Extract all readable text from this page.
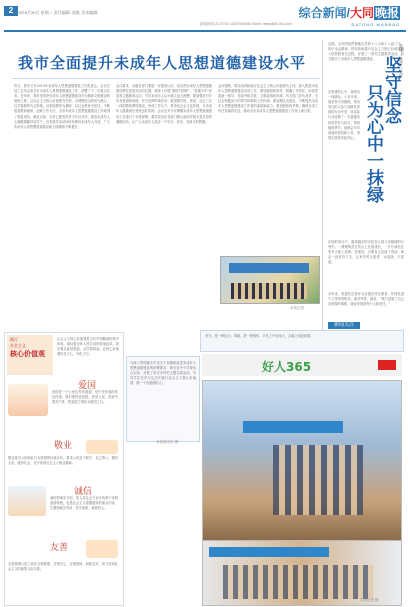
2
2015年6月30日 星期二 责任编辑: 邵维 美术编辑:	综合新闻/大同晚报
DATONG WANBAO
新闻热线:2127743 13007090066 Email: news@dt.163.com
我市全面提升未成年人思想道德建设水平
昨日，我市召开2015年未成年人思想道德建设工作推进会。会议总结了去年以来全市未成年人思想道德建设工作，部署了下一步重点任务。近年来，我市坚持把未成年人思想道德建设作为精神文明建设的基础工程，以社会主义核心价值观为引领，以理想信念教育为核心，以学校教育为主阵地，以家庭教育为基础，以社会教育为依托，不断拓展教育载体，创新工作方法，全市未成年人思想道德建设工作取得了明显成效。截至目前，全市已建成乡村少年宫多所，建成未成年人心理健康辅导站多个，各类校外活动场所免费向未成年人开放，广大未成年人的思想道德素质和文明素养不断提升。
会议要求，各级各部门要进一步提高认识，切实把未成年人思想道德建设摆在更加突出的位置。要深入开展“我的中国梦”、“美德少年”评选等主题教育活动，引导未成年人从小树立远大理想；要加强乡村少年宫建设和管理，充分发挥阵地作用；要加强学校、家庭、社会三位一体的教育网络建设，形成工作合力；要净化社会文化环境，为未成年人健康成长营造良好氛围。会议还对今年暑期未成年人思想道德建设工作进行了安排部署，要求各县区各部门精心组织开展丰富多彩的暑期活动，让广大未成年人度过一个安全、快乐、有意义的假期。
会议强调，要以培育和践行社会主义核心价值观为主线，深入推进未成年人思想道德建设各项工作。要加强组织领导，明确工作责任，形成党委统一领导、党政齐抓共管、文明委组织协调、有关部门各负其责、全社会积极参与的领导体制和工作机制；要加强队伍建设，不断提高未成年人思想道德建设工作者的素质和能力；要加强督查考核，确保各项工作任务落到实处，推动全市未成年人思想道德建设工作再上新台阶。
本报记者
近期，全市围绕贯彻落实党的十八大和十八届三中、四中全会精神，把培育和践行社会主义核心价值观融入国民教育全过程，开展了一系列主题教育活动，有力推动了未成年人思想道德建设。 坚守信念
只为心中一抹绿
张建/张奇/张宇
在张建的心中，始终有一抹绿色。十多年来，他坚持义务植树，带动身边的人参与到绿化家园的行动中来，用实际行动诠释了一名普通市民的责任与担当。每到植树季节，他都会早早准备好树苗和工具，带领志愿者奔赴荒山。
在他的带动下，越来越多的市民加入到义务植树的行列中。一棵棵树苗在荒山上扎根成长，一片片绿色在家乡大地上延伸。张建说，只要自己还能干得动，就会一直坚持下去，让家乡的山更青、水更绿、天更蓝。
多年来，张建先后被评为市级优秀志愿者、环保先进个人等荣誉称号。面对荣誉，他说：“我只是做了自己应该做的事情，绿化家园是每个人的责任。”
新闻关注
坚守，是一种信念；奉献，是一种情怀。平凡之中见伟大，点滴之间显真情。
践行
社会主义
核心价值观
社会主义核心价值观是当代中国精神的集中体现，凝结着全体人民共同的价值追求。我们要从娃娃抓起，从学校抓起，让核心价值观内化于心、外化于行。
爱国
爱国是一个公民应有的道德，是中华民族的优良传统。我们要热爱祖国，热爱人民，热爱中国共产党，把爱国之情化为报国之行。
敬业
敬业是对公民职业行为准则的价值评价，要求公民忠于职守，克己奉公，服务人民，服务社会，充分体现社会主义职业精神。
诚信
诚信即诚实守信，是人类社会千百年传承下来的道德传统，也是社会主义道德建设的重点内容，它强调诚实劳动、信守承诺、诚恳待人。
友善
友善强调公民之间应互相尊重、互相关心、互相帮助，和睦友好，努力形成社会主义的新型人际关系。
为深入贯彻落实中央关于加强和改进未成年人思想道德建设的部署要求，我市各中小学校结合实际，开展了形式多样的主题实践活动，引导学生在学习生活中践行社会主义核心价值观，做一个有道德的人。
本报通讯员 摄
好人365
本报记者 摄
